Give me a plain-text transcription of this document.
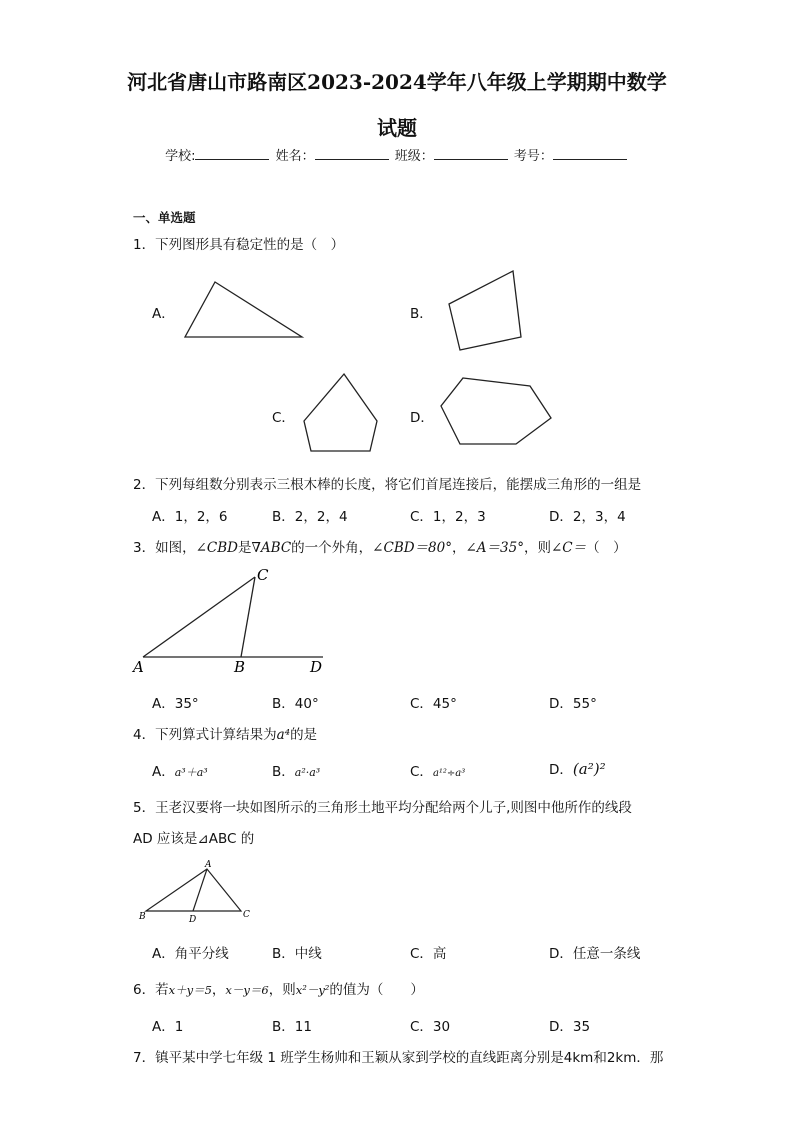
河北省唐山市路南区2023-2024学年八年级上学期期中数学
试题
学校:	姓名：	班级：	考号：
一、单选题
1．下列图形具有稳定性的是（　）
A．	B．
C．	D．
2．下列每组数分别表示三根木棒的长度，将它们首尾连接后，能摆成三角形的一组是
A．1，2，6	B．2，2，4	C．1，2，3	D．2，3，4
3．如图，∠CBD是∇ABC的一个外角，∠CBD＝80°，∠A＝35°，则∠C＝（　）
A	B
C
D
A．35°	B．40°	C．45°	D．55°
4．下列算式计算结果为a⁴的是
A．a³＋a³	B．a²·a³	C．a¹²÷a³	D．(a²)²
5．王老汉要将一块如图所示的三角形土地平均分配给两个儿子,则图中他所作的线段
AD 应该是⊿ABC 的
A
B	D	C
A．角平分线	B．中线	C．高	D．任意一条线
6．若x＋y＝5，x－y＝6，则x²－y²的值为（　　）
A．1	B．11	C．30	D．35
7．镇平某中学七年级 1 班学生杨帅和王颖从家到学校的直线距离分别是4km和2km．那
